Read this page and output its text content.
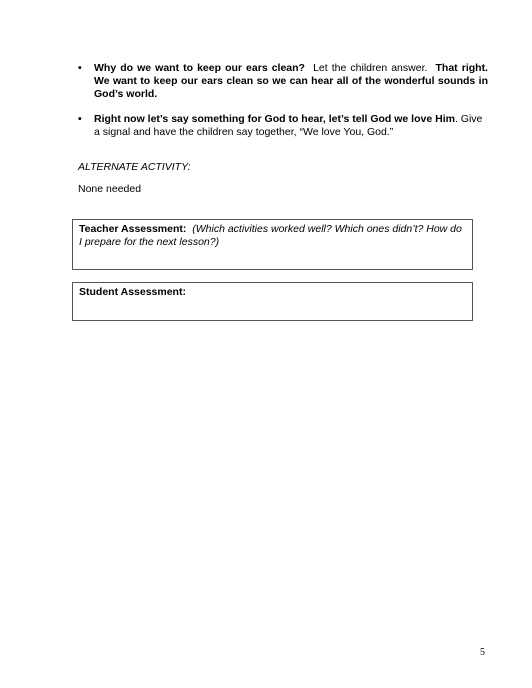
• Why do we want to keep our ears clean? Let the children answer. That right. We want to keep our ears clean so we can hear all of the wonderful sounds in God’s world.
• Right now let’s say something for God to hear, let’s tell God we love Him. Give a signal and have the children say together, “We love You, God.”
ALTERNATE ACTIVITY:
None needed
Teacher Assessment: (Which activities worked well? Which ones didn’t? How do I prepare for the next lesson?)
Student Assessment:
5
